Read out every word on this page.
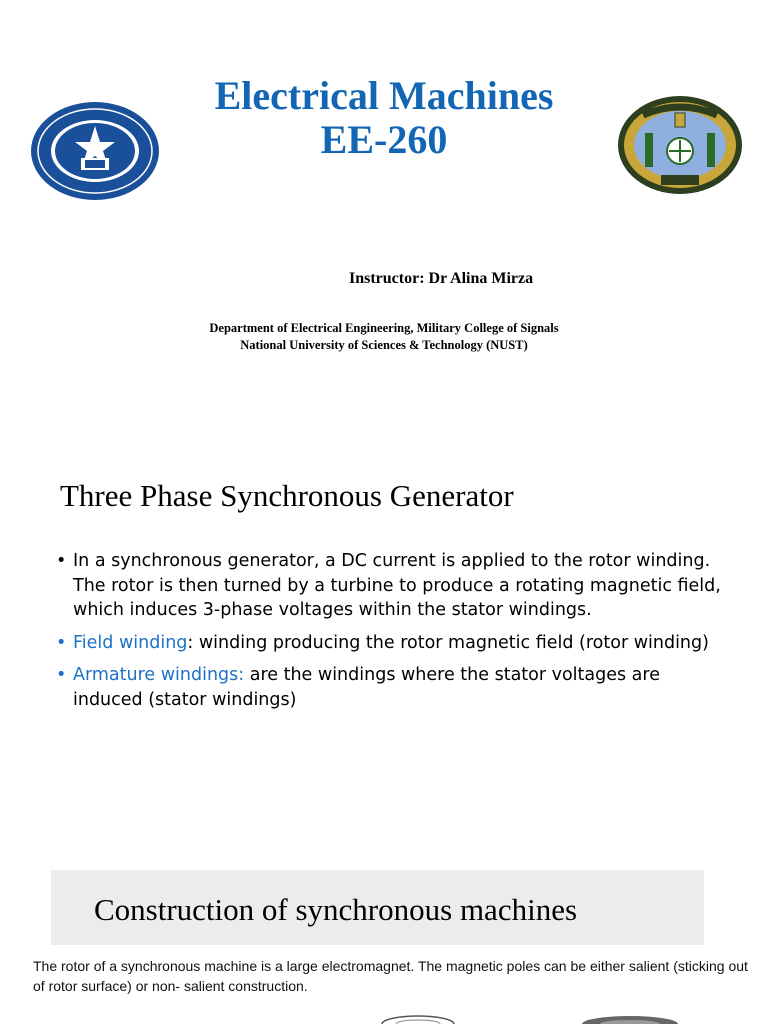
Electrical Machines
EE-260
Instructor: Dr Alina Mirza
Department of Electrical Engineering, Military College of Signals
National University of Sciences & Technology (NUST)
Three Phase Synchronous Generator
• In a synchronous generator, a DC current is applied to the rotor winding. The rotor is then turned by a turbine to produce a rotating magnetic field, which induces 3-phase voltages within the stator windings.
• Field winding: winding producing the rotor magnetic field (rotor winding)
• Armature windings: are the windings where the stator voltages are induced (stator windings)
Construction of synchronous machines
The rotor of a synchronous machine is a large electromagnet. The magnetic poles can be either salient (sticking out of rotor surface) or non- salient construction.
